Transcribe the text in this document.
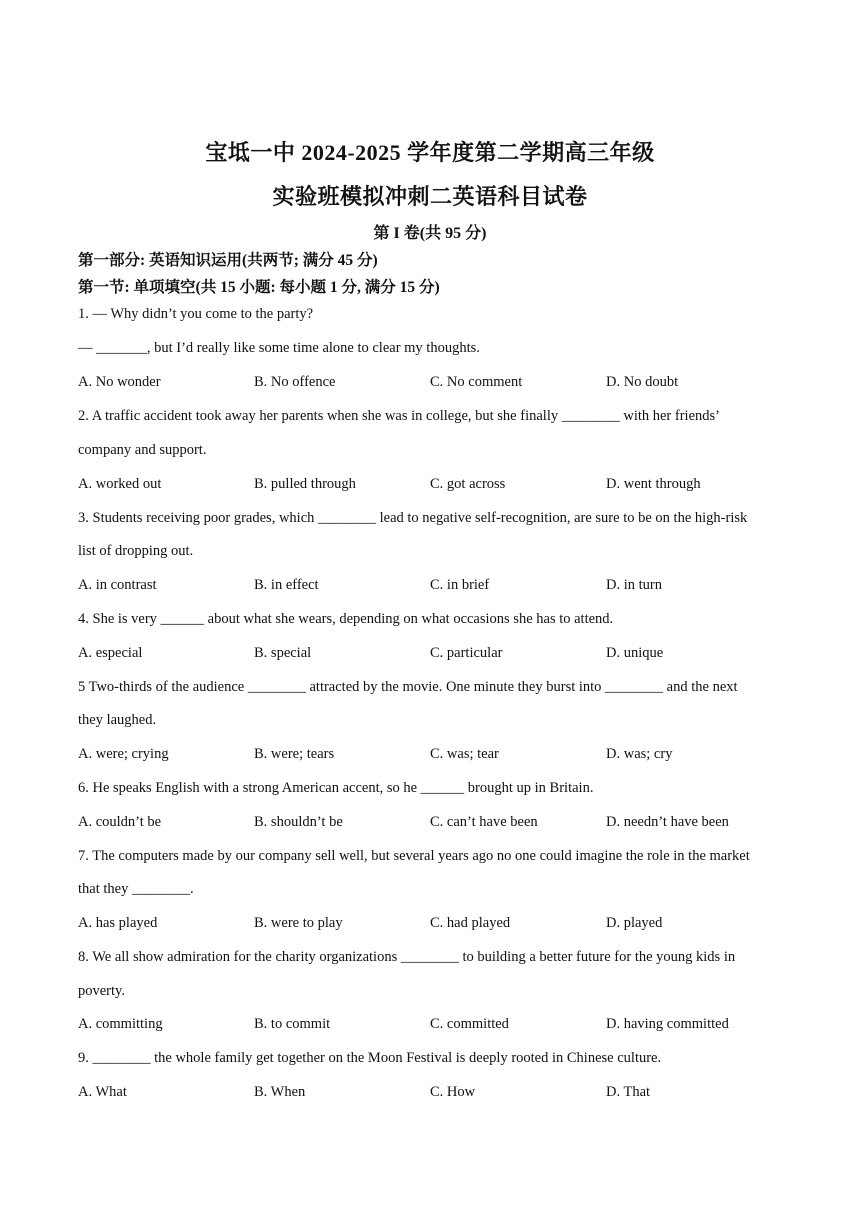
宝坻一中 2024-2025 学年度第二学期高三年级
实验班模拟冲刺二英语科目试卷
第 I 卷(共 95 分)
第一部分: 英语知识运用(共两节; 满分 45 分)
第一节: 单项填空(共 15 小题: 每小题 1 分, 满分 15 分)
1. — Why didn’t you come to the party?
— _______, but I’d really like some time alone to clear my thoughts.
A. No wonder	B. No offence	C. No comment	D. No doubt
2. A traffic accident took away her parents when she was in college, but she finally ________ with her friends’
company and support.
A. worked out	B. pulled through	C. got across	D. went through
3. Students receiving poor grades, which ________ lead to negative self-recognition, are sure to be on the high-risk
list of dropping out.
A. in contrast	B. in effect	C. in brief	D. in turn
4. She is very ______ about what she wears, depending on what occasions she has to attend.
A. especial	B. special	C. particular	D. unique
5 Two-thirds of the audience ________ attracted by the movie. One minute they burst into ________ and the next
they laughed.
A. were; crying	B. were; tears	C. was; tear	D. was; cry
6. He speaks English with a strong American accent, so he ______ brought up in Britain.
A. couldn’t be	B. shouldn’t be	C. can’t have been	D. needn’t have been
7. The computers made by our company sell well, but several years ago no one could imagine the role in the market
that they ________.
A. has played	B. were to play	C. had played	D. played
8. We all show admiration for the charity organizations ________ to building a better future for the young kids in
poverty.
A. committing	B. to commit	C. committed	D. having committed
9. ________ the whole family get together on the Moon Festival is deeply rooted in Chinese culture.
A. What	B. When	C. How	D. That
